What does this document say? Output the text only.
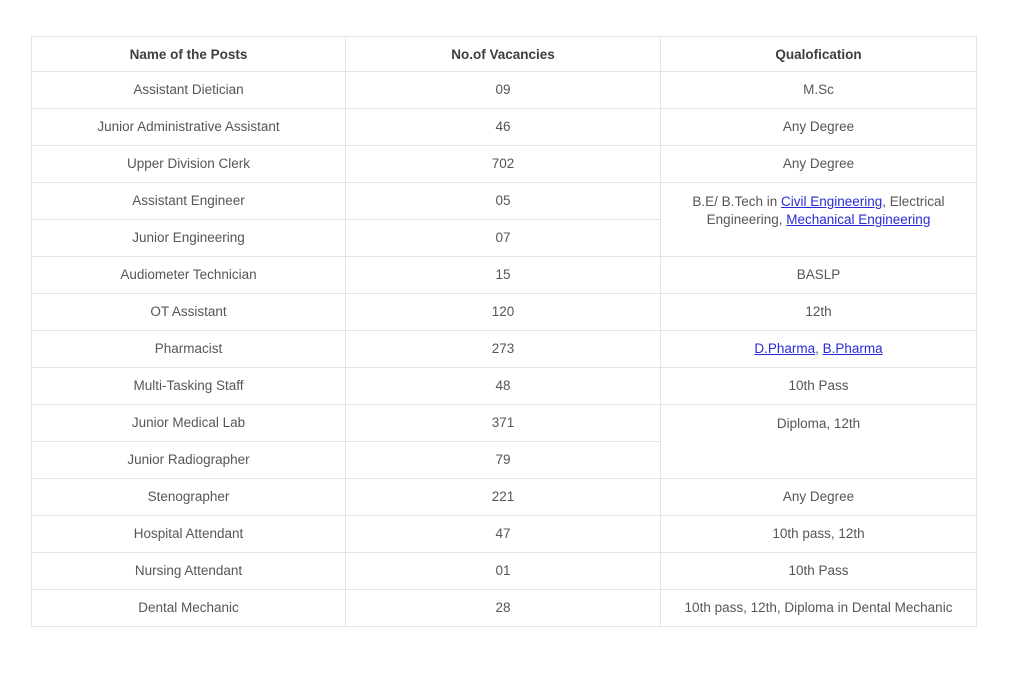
Name of the Posts	No.of Vacancies	Qualofication
Assistant Dietician	09	M.Sc
Junior Administrative Assistant	46	Any Degree
Upper Division Clerk	702	Any Degree
Assistant Engineer	05	B.E/ B.Tech in Civil Engineering, Electrical Engineering, Mechanical Engineering
Junior Engineering	07	
Audiometer Technician	15	BASLP
OT Assistant	120	12th
Pharmacist	273	D.Pharma, B.Pharma
Multi-Tasking Staff	48	10th Pass
Junior Medical Lab	371	Diploma, 12th
Junior Radiographer	79	
Stenographer	221	Any Degree
Hospital Attendant	47	10th pass, 12th
Nursing Attendant	01	10th Pass
Dental Mechanic	28	10th pass, 12th, Diploma in Dental Mechanic
